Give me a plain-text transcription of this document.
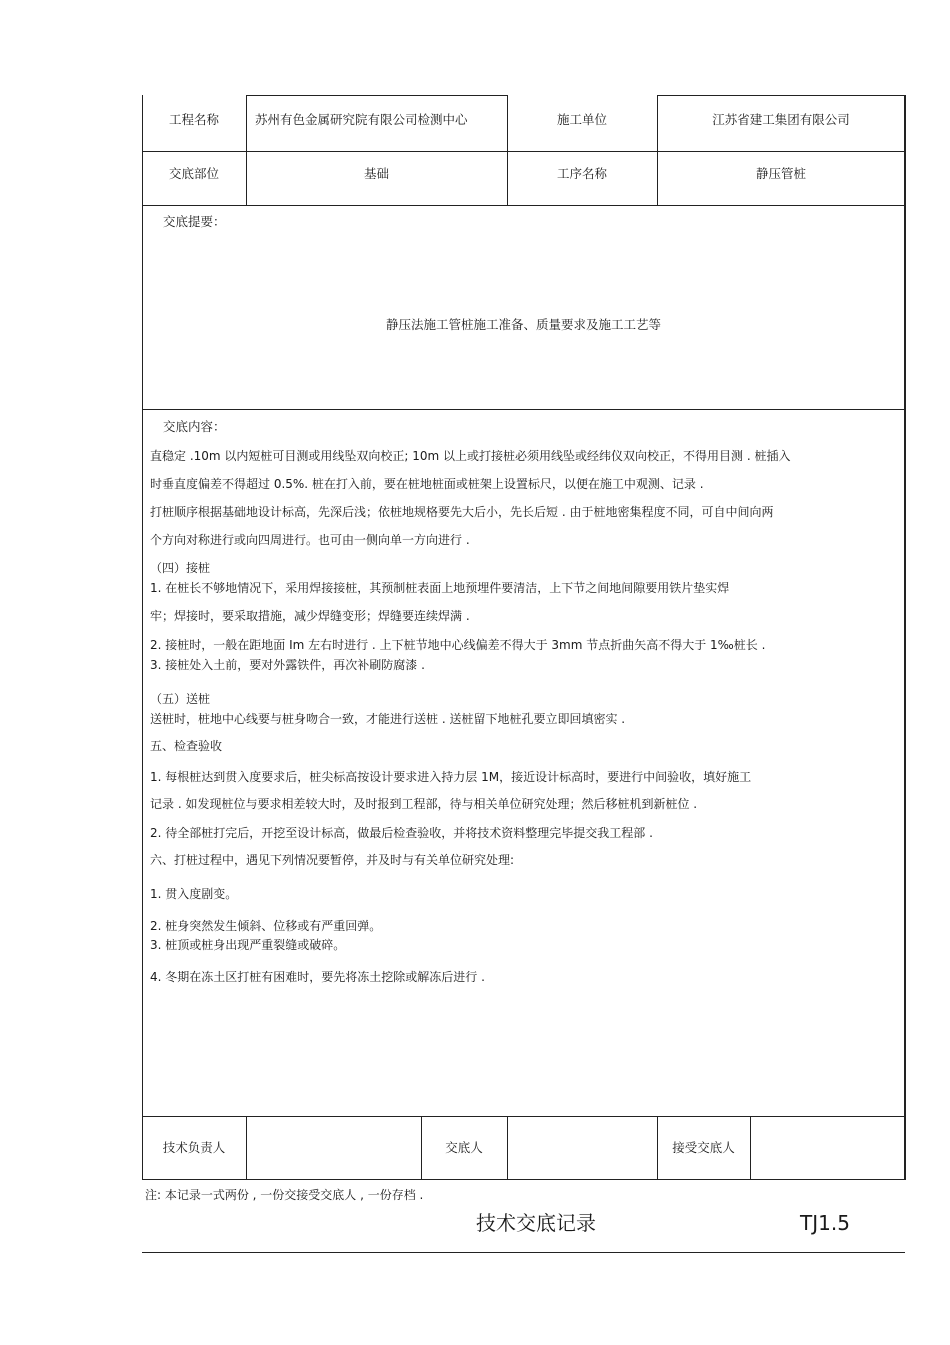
工程名称	苏州有色金属研究院有限公司检测中心	施工单位	江苏省建工集团有限公司
交底部位	基础	工序名称	静压管桩
交底提要：
静压法施工管桩施工准备、质量要求及施工工艺等
交底内容：
直稳定 .10m 以内短桩可目测或用线坠双向校正; 10m 以上或打接桩必须用线坠或经纬仪双向校正，不得用目测 . 桩插入
时垂直度偏差不得超过 0.5%. 桩在打入前，要在桩地桩面或桩架上设置标尺，以便在施工中观测、记录 .
打桩顺序根据基础地设计标高，先深后浅；依桩地规格要先大后小，先长后短 . 由于桩地密集程度不同，可自中间向两
个方向对称进行或向四周进行。也可由一侧向单一方向进行 .
（四）接桩
1. 在桩长不够地情况下，采用焊接接桩，其预制桩表面上地预埋件要清洁，上下节之间地间隙要用铁片垫实焊
牢；焊接时，要采取措施，减少焊缝变形；焊缝要连续焊满 .
2. 接桩时，一般在距地面 Im 左右时进行 . 上下桩节地中心线偏差不得大于 3mm 节点折曲矢高不得大于 1‰桩长 .
3. 接桩处入土前，要对外露铁件，再次补刷防腐漆 .
（五）送桩
送桩时，桩地中心线要与桩身吻合一致，才能进行送桩 . 送桩留下地桩孔要立即回填密实 .
五、检查验收
1. 每根桩达到贯入度要求后，桩尖标高按设计要求进入持力层 1M，接近设计标高时，要进行中间验收，填好施工
记录 . 如发现桩位与要求相差较大时，及时报到工程部，待与相关单位研究处理；然后移桩机到新桩位 .
2. 待全部桩打完后，开挖至设计标高，做最后检查验收，并将技术资料整理完毕提交我工程部 .
六、打桩过程中，遇见下列情况要暂停，并及时与有关单位研究处理:
1. 贯入度剧变。
2. 桩身突然发生倾斜、位移或有严重回弹。
3. 桩顶或桩身出现严重裂缝或破碎。
4. 冬期在冻土区打桩有困难时，要先将冻土挖除或解冻后进行 .
技术负责人	交底人	接受交底人
注: 本记录一式两份 , 一份交接受交底人 , 一份存档 .
技术交底记录	TJ1.5
